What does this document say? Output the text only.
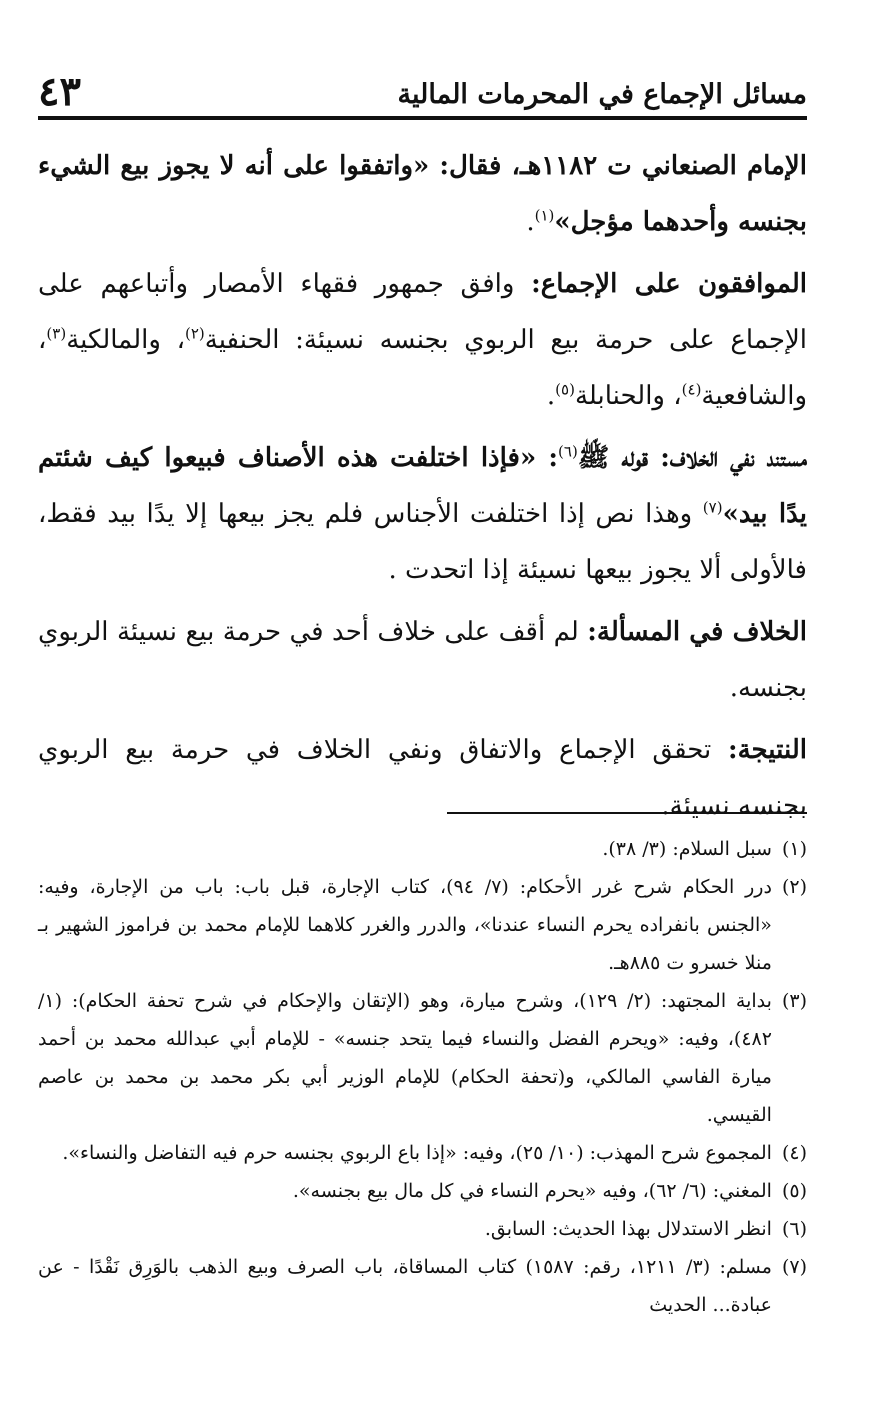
مسائل الإجماع في المحرمات المالية
٤٣

الإمام الصنعاني ت ١١٨٢هـ، فقال: «واتفقوا على أنه لا يجوز بيع الشيء بجنسه وأحدهما مؤجل»$^{(١)}$.

الموافقون على الإجماع: وافق جمهور فقهاء الأمصار وأتباعهم على الإجماع على حرمة بيع الربوي بجنسه نسيئة: الحنفية$^{(٢)}$، والمالكية$^{(٣)}$، والشافعية$^{(٤)}$، والحنابلة$^{(٥)}$.

مستند نفي الخلاف: قوله ﷺ$^{(٦)}$: «فإذا اختلفت هذه الأصناف فبيعوا كيف شئتم يدًا بيد»$^{(٧)}$ وهذا نص إذا اختلفت الأجناس فلم يجز بيعها إلا يدًا بيد فقط، فالأولى ألا يجوز بيعها نسيئة إذا اتحدت .

الخلاف في المسألة: لم أقف على خلاف أحد في حرمة بيع نسيئة الربوي بجنسه.

النتيجة: تحقق الإجماع والاتفاق ونفي الخلاف في حرمة بيع الربوي بجنسه نسيئة.

(١)
سبل السلام: (٣/ ٣٨).
(٢)
درر الحكام شرح غرر الأحكام: (٧/ ٩٤)، كتاب الإجارة، قبل باب: باب من الإجارة، وفيه: «الجنس بانفراده يحرم النساء عندنا»، والدرر والغرر كلاهما للإمام محمد بن فراموز الشهير بـ منلا خسرو ت ٨٨٥هـ.
(٣)
بداية المجتهد: (٢/ ١٢٩)، وشرح ميارة، وهو (الإتقان والإحكام في شرح تحفة الحكام): (١/ ٤٨٢)، وفيه: «ويحرم الفضل والنساء فيما يتحد جنسه» - للإمام أبي عبدالله محمد بن أحمد ميارة الفاسي المالكي، و(تحفة الحكام) للإمام الوزير أبي بكر محمد بن محمد بن عاصم القيسي.
(٤)
المجموع شرح المهذب: (١٠/ ٢٥)، وفيه: «إذا باع الربوي بجنسه حرم فيه التفاضل والنساء».
(٥)
المغني: (٦/ ٦٢)، وفيه «يحرم النساء في كل مال بيع بجنسه».
(٦)
انظر الاستدلال بهذا الحديث: السابق.
(٧)
مسلم: (٣/ ١٢١١، رقم: ١٥٨٧) كتاب المساقاة، باب الصرف وبيع الذهب بالوَرِق نَقْدًا - عن عبادة... الحديث
